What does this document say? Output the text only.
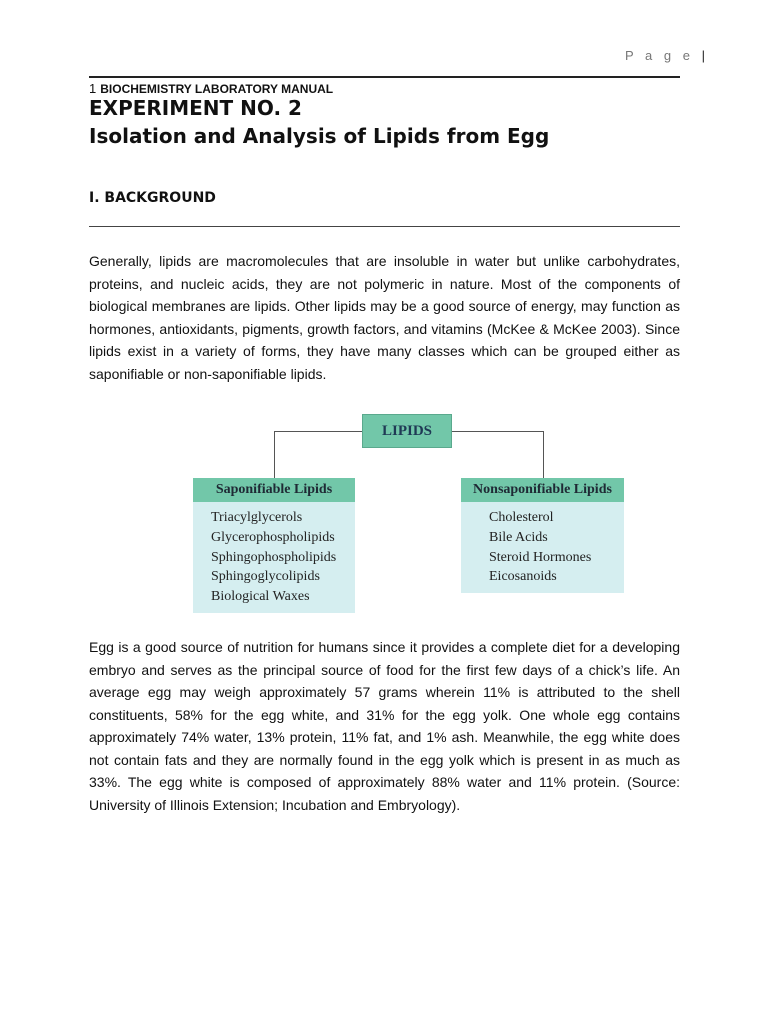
P a g e |
1 BIOCHEMISTRY LABORATORY MANUAL
EXPERIMENT NO. 2
Isolation and Analysis of Lipids from Egg
I. BACKGROUND
Generally, lipids are macromolecules that are insoluble in water but unlike carbohydrates, proteins, and nucleic acids, they are not polymeric in nature. Most of the components of biological membranes are lipids. Other lipids may be a good source of energy, may function as hormones, antioxidants, pigments, growth factors, and vitamins (McKee & McKee 2003). Since lipids exist in a variety of forms, they have many classes which can be grouped either as saponifiable or non-saponifiable lipids.
LIPIDS
Saponifiable Lipids
Triacylglycerols
Glycerophospholipids
Sphingophospholipids
Sphingoglycolipids
Biological Waxes
Nonsaponifiable Lipids
Cholesterol
Bile Acids
Steroid Hormones
Eicosanoids
Egg is a good source of nutrition for humans since it provides a complete diet for a developing embryo and serves as the principal source of food for the first few days of a chick’s life. An average egg may weigh approximately 57 grams wherein 11% is attributed to the shell constituents, 58% for the egg white, and 31% for the egg yolk. One whole egg contains approximately 74% water, 13% protein, 11% fat, and 1% ash. Meanwhile, the egg white does not contain fats and they are normally found in the egg yolk which is present in as much as 33%. The egg white is composed of approximately 88% water and 11% protein. (Source: University of Illinois Extension; Incubation and Embryology).
